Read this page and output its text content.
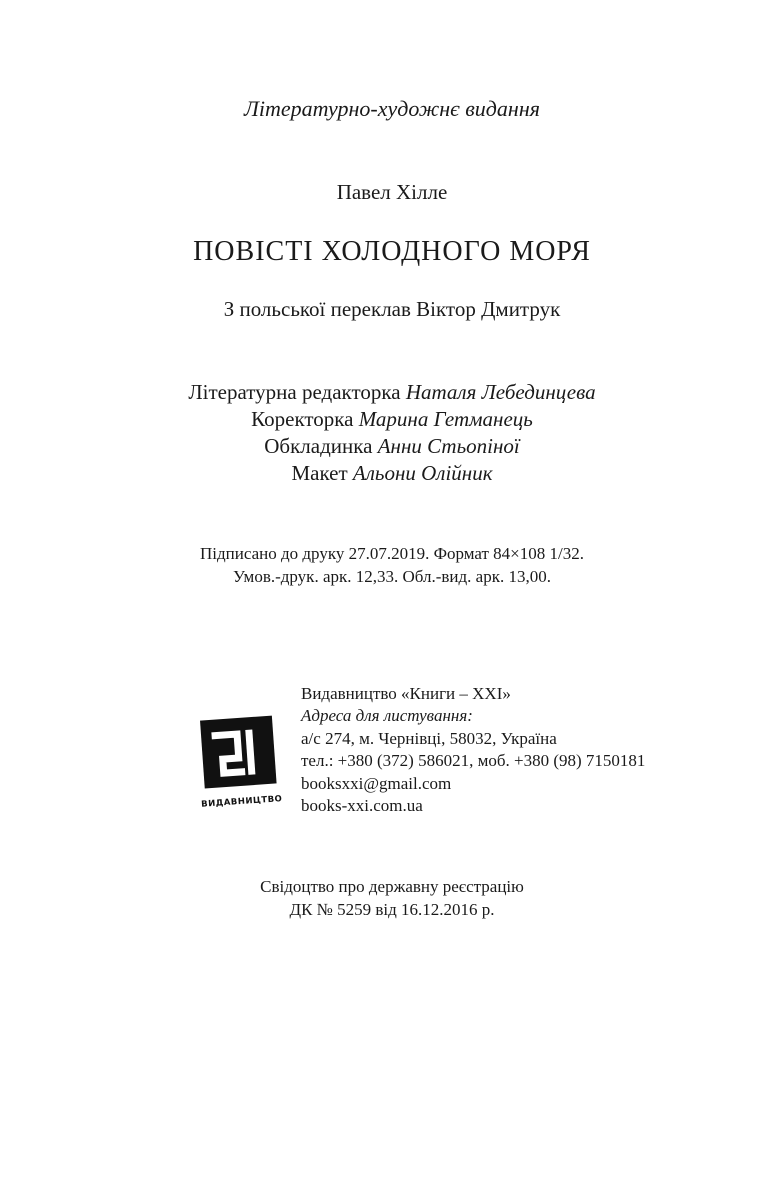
Літературно-художнє видання
Павел Хілле
ПОВІСТІ ХОЛОДНОГО МОРЯ
З польської переклав Віктор Дмитрук
Літературна редакторка Наталя Лебединцева
Коректорка Марина Гетманець
Обкладинка Анни Стьопіної
Макет Альони Олійник
Підписано до друку 27.07.2019. Формат 84×108 1/32.
Умов.-друк. арк. 12,33. Обл.-вид. арк. 13,00.
ВИДАВНИЦТВО
Видавництво «Книги – XXI»
Адреса для листування:
а/с 274, м. Чернівці, 58032, Україна
тел.: +380 (372) 586021, моб. +380 (98) 7150181
booksxxi@gmail.com
books-xxi.com.ua
Свідоцтво про державну реєстрацію
ДК № 5259 від 16.12.2016 р.
